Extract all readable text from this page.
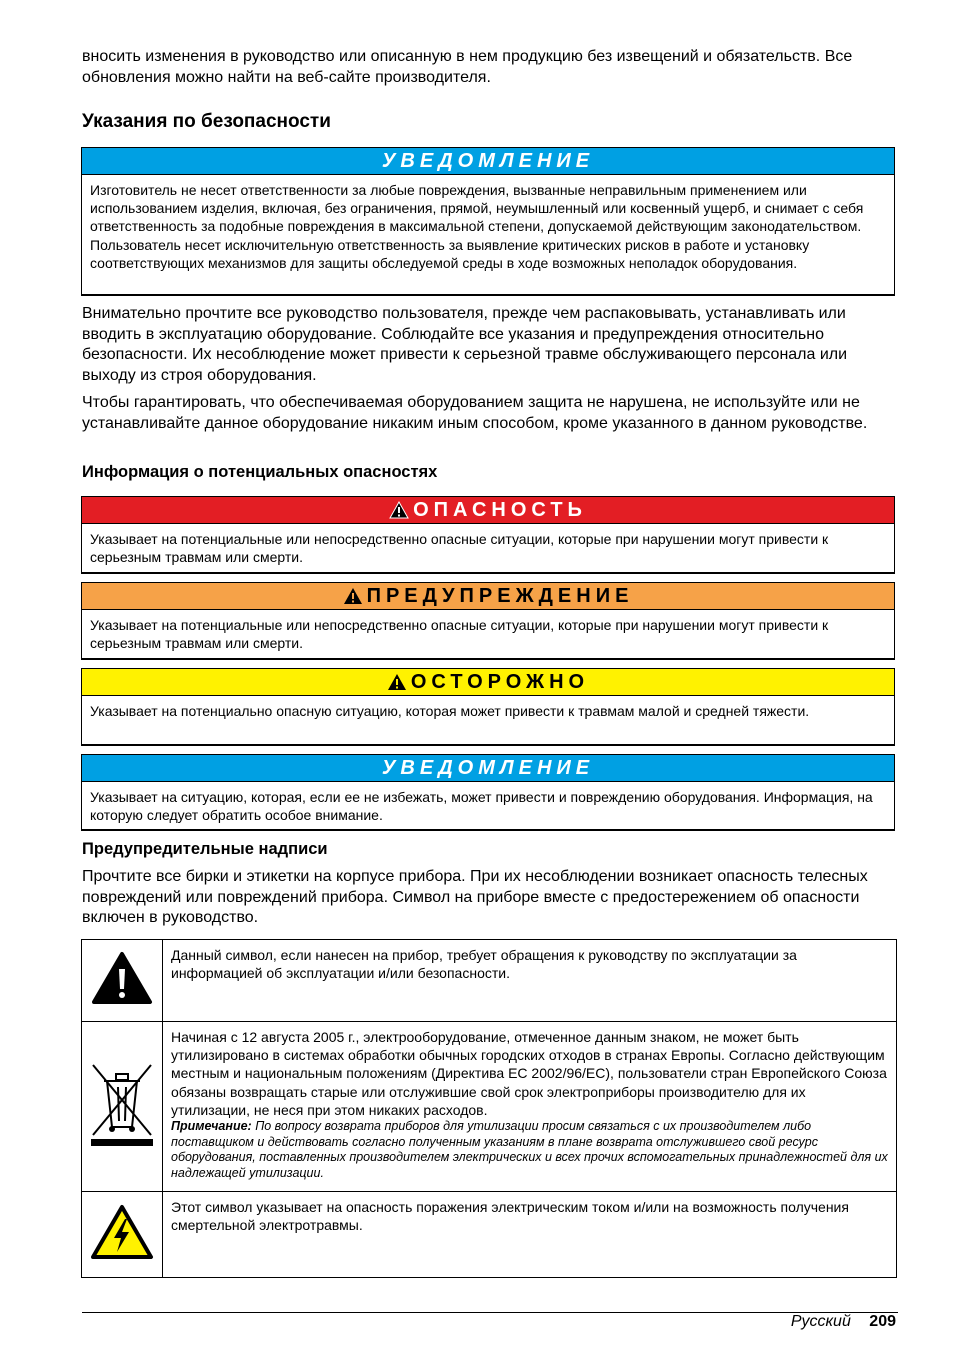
вносить изменения в руководство или описанную в нем продукцию без извещений и обязательств. Все обновления можно найти на веб-сайте производителя.
Указания по безопасности
УВЕДОМЛЕНИЕ
Изготовитель не несет ответственности за любые повреждения, вызванные неправильным применением или использованием изделия, включая, без ограничения, прямой, неумышленный или косвенный ущерб, и снимает с себя ответственность за подобные повреждения в максимальной степени, допускаемой действующим законодательством. Пользователь несет исключительную ответственность за выявление критических рисков в работе и установку соответствующих механизмов для защиты обследуемой среды в ходе возможных неполадок оборудования.
Внимательно прочтите все руководство пользователя, прежде чем распаковывать, устанавливать или вводить в эксплуатацию оборудование. Соблюдайте все указания и предупреждения относительно безопасности. Их несоблюдение может привести к серьезной травме обслуживающего персонала или выходу из строя оборудования.
Чтобы гарантировать, что обеспечиваемая оборудованием защита не нарушена, не используйте или не устанавливайте данное оборудование никаким иным способом, кроме указанного в данном руководстве.
Информация о потенциальных опасностях
ОПАСНОСТЬ
Указывает на потенциальные или непосредственно опасные ситуации, которые при нарушении могут привести к серьезным травмам или смерти.
ПРЕДУПРЕЖДЕНИЕ
Указывает на потенциальные или непосредственно опасные ситуации, которые при нарушении могут привести к серьезным травмам или смерти.
ОСТОРОЖНО
Указывает на потенциально опасную ситуацию, которая может привести к травмам малой и средней тяжести.
УВЕДОМЛЕНИЕ
Указывает на ситуацию, которая, если ее не избежать, может привести и повреждению оборудования. Информация, на которую следует обратить особое внимание.
Предупредительные надписи
Прочтите все бирки и этикетки на корпусе прибора. При их несоблюдении возникает опасность телесных повреждений или повреждений прибора. Символ на приборе вместе с предостережением об опасности включен в руководство.
	Данный символ, если нанесен на прибор, требует обращения к руководству по эксплуатации за информацией об эксплуатации и/или безопасности.

Начиная с 12 августа 2005 г., электрооборудование, отмеченное данным знаком, не может быть утилизировано в системах обработки обычных городских отходов в странах Европы. Согласно действующим местным и национальным положениям (Директива ЕС 2002/96/EC), пользователи стран Европейского Союза обязаны возвращать старые или отслужившие свой срок электроприборы производителю для их утилизации, не неся при этом никаких расходов.
Примечание: По вопросу возврата приборов для утилизации просим связаться с их производителем либо поставщиком и действовать согласно полученным указаниям в плане возврата отслужившего свой ресурс оборудования, поставленных производителем электрических и всех прочих вспомогательных принадлежностей для их надлежащей утилизации.

	Этот символ указывает на опасность поражения электрическим током и/или на возможность получения смертельной электротравмы.
Русский 209
